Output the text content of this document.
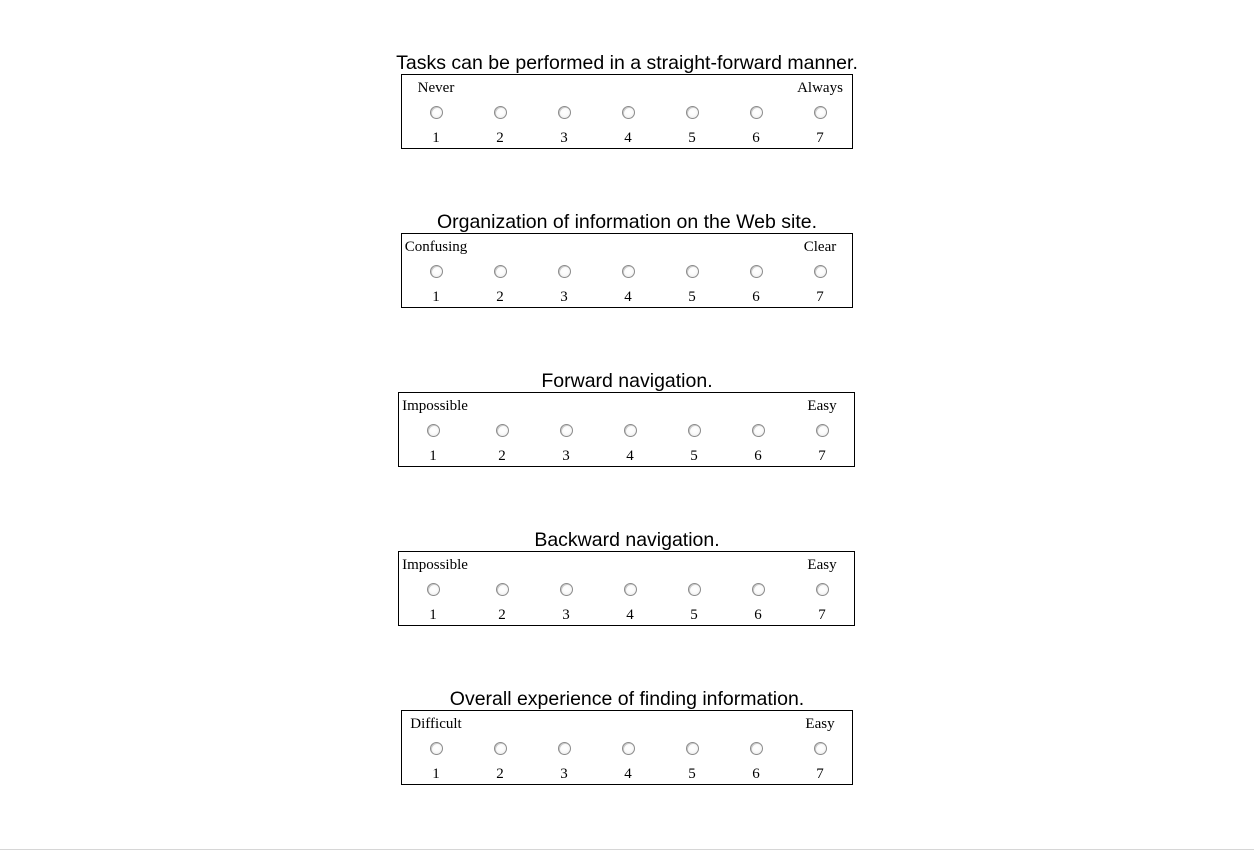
Tasks can be performed in a straight-forward manner.
Never	Always
1	2	3	4	5	6	7
Organization of information on the Web site.
Confusing	Clear
1	2	3	4	5	6	7
Forward navigation.
Impossible	Easy
1	2	3	4	5	6	7
Backward navigation.
Impossible	Easy
1	2	3	4	5	6	7
Overall experience of finding information.
Difficult	Easy
1	2	3	4	5	6	7
